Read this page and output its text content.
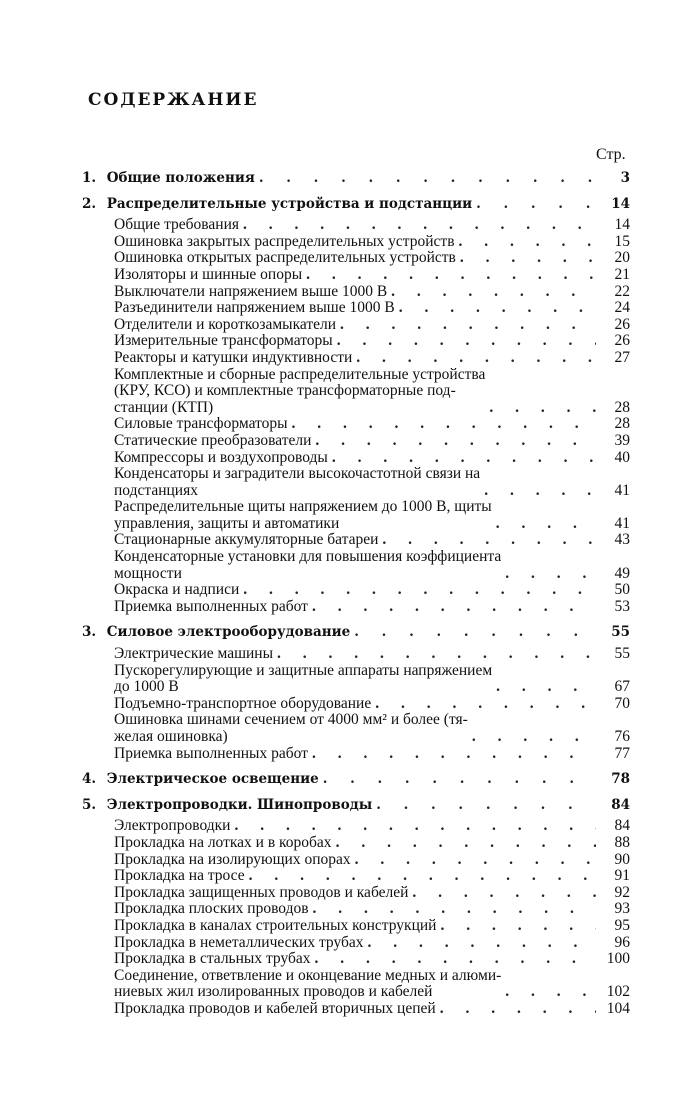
СОДЕРЖАНИЕ
Стр.
1. Общие положения . . .	3
2. Распределительные устройства и подстанции . . .	14
Общие требования . . .	14
Ошиновка закрытых распределительных устройств . . .	15
Ошиновка открытых распределительных устройств . . .	20
Изоляторы и шинные опоры . . .	21
Выключатели напряжением выше 1000 В . . .	22
Разъединители напряжением выше 1000 В . . .	24
Отделители и короткозамыкатели . . .	26
Измерительные трансформаторы . . .	26
Реакторы и катушки индуктивности . . .	27
Комплектные и сборные распределительные устройства
(КРУ, КСО) и комплектные трансформаторные под-
станции (КТП) . . .	28
Силовые трансформаторы . . .	28
Статические преобразователи . . .	39
Компрессоры и воздухопроводы . . .	40
Конденсаторы и заградители высокочастотной связи на
подстанциях . . .	41
Распределительные щиты напряжением до 1000 В, щиты
управления, защиты и автоматики . . .	41
Стационарные аккумуляторные батареи . . .	43
Конденсаторные установки для повышения коэффициента
мощности . . .	49
Окраска и надписи . . .	50
Приемка выполненных работ . . .	53
3. Силовое электрооборудование . . .	55
Электрические машины . . .	55
Пускорегулирующие и защитные аппараты напряжением
до 1000 В . . .	67
Подъемно-транспортное оборудование . . .	70
Ошиновка шинами сечением от 4000 мм² и более (тя-
желая ошиновка) . . .	76
Приемка выполненных работ . . .	77
4. Электрическое освещение . . .	78
5. Электропроводки. Шинопроводы . . .	84
Электропроводки . . .	84
Прокладка на лотках и в коробах . . .	88
Прокладка на изолирующих опорах . . .	90
Прокладка на тросе . . .	91
Прокладка защищенных проводов и кабелей . . .	92
Прокладка плоских проводов . . .	93
Прокладка в каналах строительных конструкций . . .	95
Прокладка в неметаллических трубах . . .	96
Прокладка в стальных трубах . . .	100
Соединение, ответвление и оконцевание медных и алюми-
ниевых жил изолированных проводов и кабелей . . .	102
Прокладка проводов и кабелей вторичных цепей . . .	104
